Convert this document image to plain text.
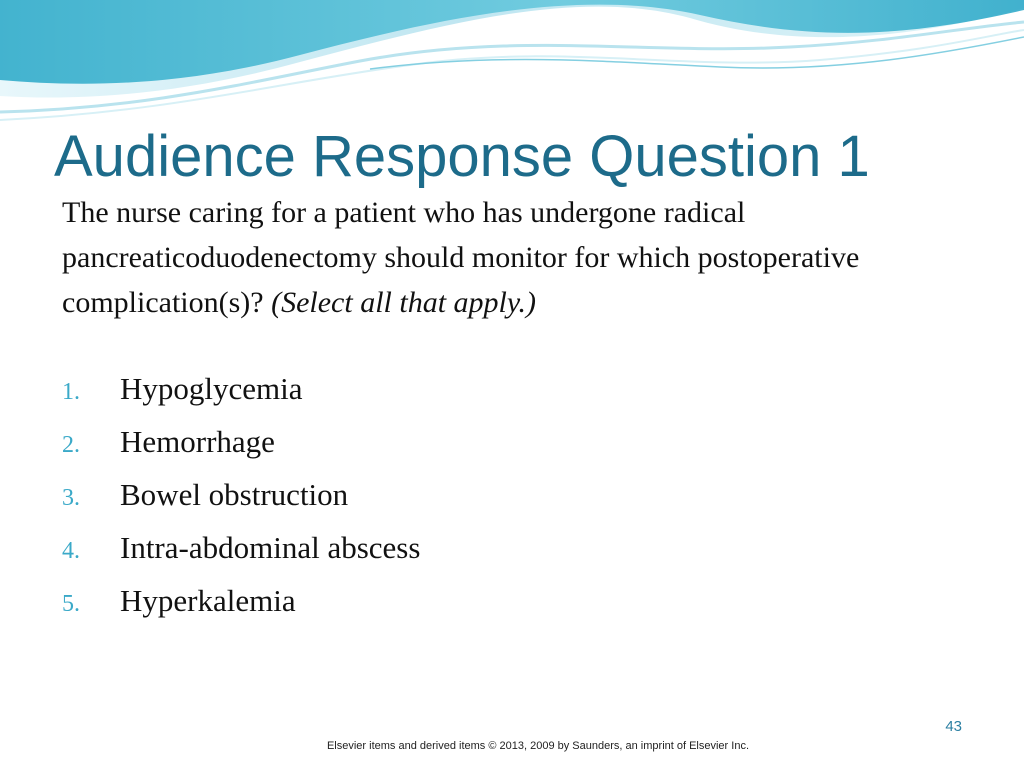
Audience Response Question 1

The nurse caring for a patient who has undergone radical pancreaticoduodenectomy should monitor for which postoperative complication(s)? (Select all that apply.)

1.	Hypoglycemia
2.	Hemorrhage
3.	Bowel obstruction
4.	Intra-abdominal abscess
5.	Hyperkalemia
43
Elsevier items and derived items © 2013, 2009 by Saunders, an imprint of Elsevier Inc.
